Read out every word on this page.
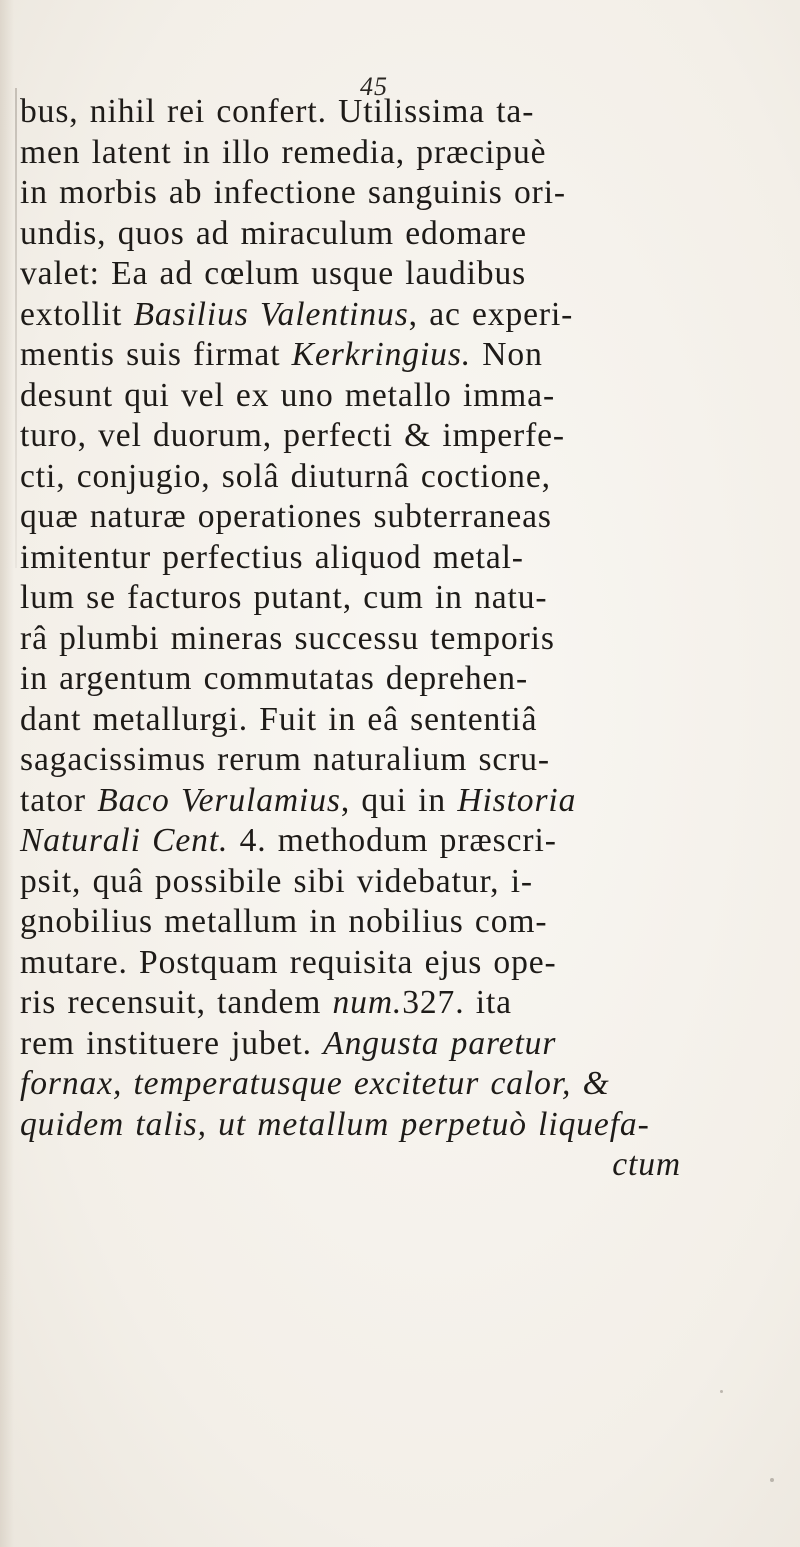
45
bus, nihil rei confert. Utilissima ta-
men latent in illo remedia, præcipuè
in morbis ab infectione sanguinis ori-
undis, quos ad miraculum edomare
valet: Ea ad cœlum usque laudibus
extollit Basilius Valentinus, ac experi-
mentis suis firmat Kerkringius. Non
desunt qui vel ex uno metallo imma-
turo, vel duorum, perfecti & imperfe-
cti, conjugio, solâ diuturnâ coctione,
quæ naturæ operationes subterraneas
imitentur perfectius aliquod metal-
lum se facturos putant, cum in natu-
râ plumbi mineras successu temporis
in argentum commutatas deprehen-
dant metallurgi. Fuit in eâ sententiâ
sagacissimus rerum naturalium scru-
tator Baco Verulamius, qui in Historia
Naturali Cent. 4. methodum præscri-
psit, quâ possibile sibi videbatur, i-
gnobilius metallum in nobilius com-
mutare. Postquam requisita ejus ope-
ris recensuit, tandem num.327. ita
rem instituere jubet. Angusta paretur
fornax, temperatusque excitetur calor, &
quidem talis, ut metallum perpetuò liquefa-
ctum
